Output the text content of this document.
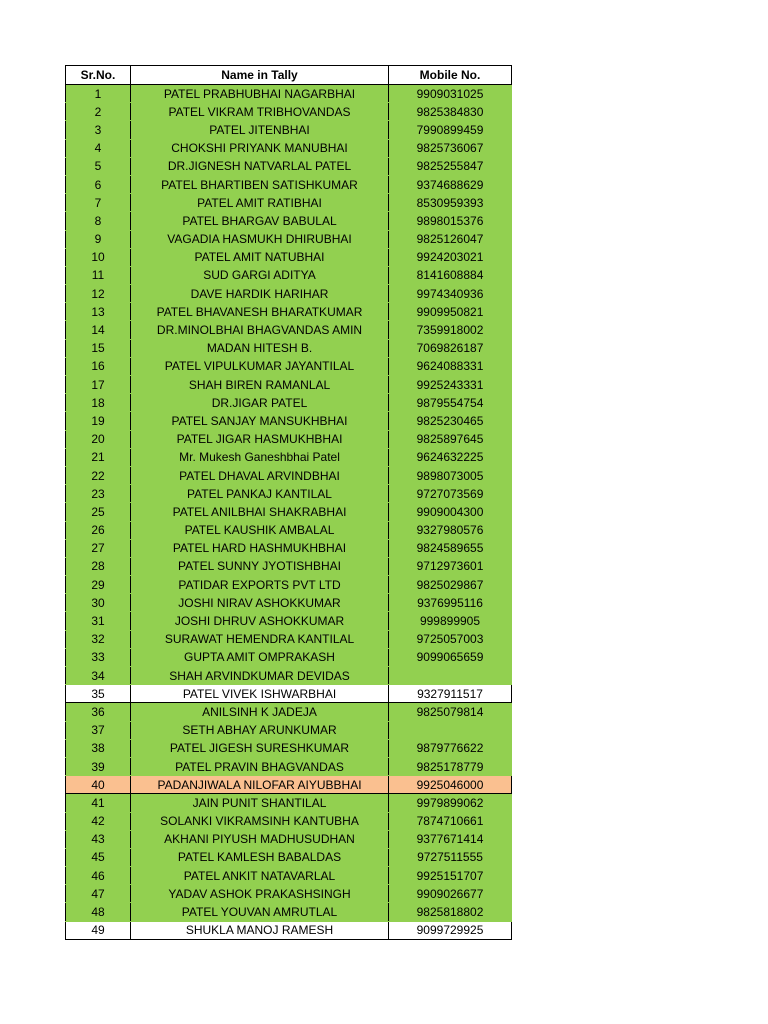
Sr.No.	Name in Tally	Mobile No.
1	PATEL PRABHUBHAI NAGARBHAI	9909031025
2	PATEL VIKRAM TRIBHOVANDAS	9825384830
3	PATEL JITENBHAI	7990899459
4	CHOKSHI PRIYANK MANUBHAI	9825736067
5	DR.JIGNESH NATVARLAL PATEL	9825255847
6	PATEL BHARTIBEN SATISHKUMAR	9374688629
7	PATEL AMIT RATIBHAI	8530959393
8	PATEL BHARGAV BABULAL	9898015376
9	VAGADIA HASMUKH DHIRUBHAI	9825126047
10	PATEL AMIT NATUBHAI	9924203021
11	SUD GARGI ADITYA	8141608884
12	DAVE HARDIK HARIHAR	9974340936
13	PATEL BHAVANESH BHARATKUMAR	9909950821
14	DR.MINOLBHAI BHAGVANDAS AMIN	7359918002
15	MADAN HITESH B.	7069826187
16	PATEL VIPULKUMAR JAYANTILAL	9624088331
17	SHAH BIREN RAMANLAL	9925243331
18	DR.JIGAR PATEL	9879554754
19	PATEL SANJAY MANSUKHBHAI	9825230465
20	PATEL JIGAR HASMUKHBHAI	9825897645
21	Mr. Mukesh Ganeshbhai Patel	9624632225
22	PATEL DHAVAL ARVINDBHAI	9898073005
23	PATEL PANKAJ KANTILAL	9727073569
25	PATEL ANILBHAI SHAKRABHAI	9909004300
26	PATEL KAUSHIK AMBALAL	9327980576
27	PATEL HARD HASHMUKHBHAI	9824589655
28	PATEL SUNNY JYOTISHBHAI	9712973601
29	PATIDAR EXPORTS PVT LTD	9825029867
30	JOSHI NIRAV ASHOKKUMAR	9376995116
31	JOSHI DHRUV ASHOKKUMAR	999899905
32	SURAWAT HEMENDRA KANTILAL	9725057003
33	GUPTA AMIT OMPRAKASH	9099065659
34	SHAH ARVINDKUMAR DEVIDAS	
35	PATEL VIVEK ISHWARBHAI	9327911517
36	ANILSINH K JADEJA	9825079814
37	SETH ABHAY ARUNKUMAR	
38	PATEL JIGESH SURESHKUMAR	9879776622
39	PATEL PRAVIN BHAGVANDAS	9825178779
40	PADANJIWALA NILOFAR AIYUBBHAI	9925046000
41	JAIN PUNIT SHANTILAL	9979899062
42	SOLANKI VIKRAMSINH KANTUBHA	7874710661
43	AKHANI PIYUSH MADHUSUDHAN	9377671414
45	PATEL KAMLESH BABALDAS	9727511555
46	PATEL ANKIT NATAVARLAL	9925151707
47	YADAV ASHOK PRAKASHSINGH	9909026677
48	PATEL YOUVAN AMRUTLAL	9825818802
49	SHUKLA MANOJ RAMESH	9099729925
